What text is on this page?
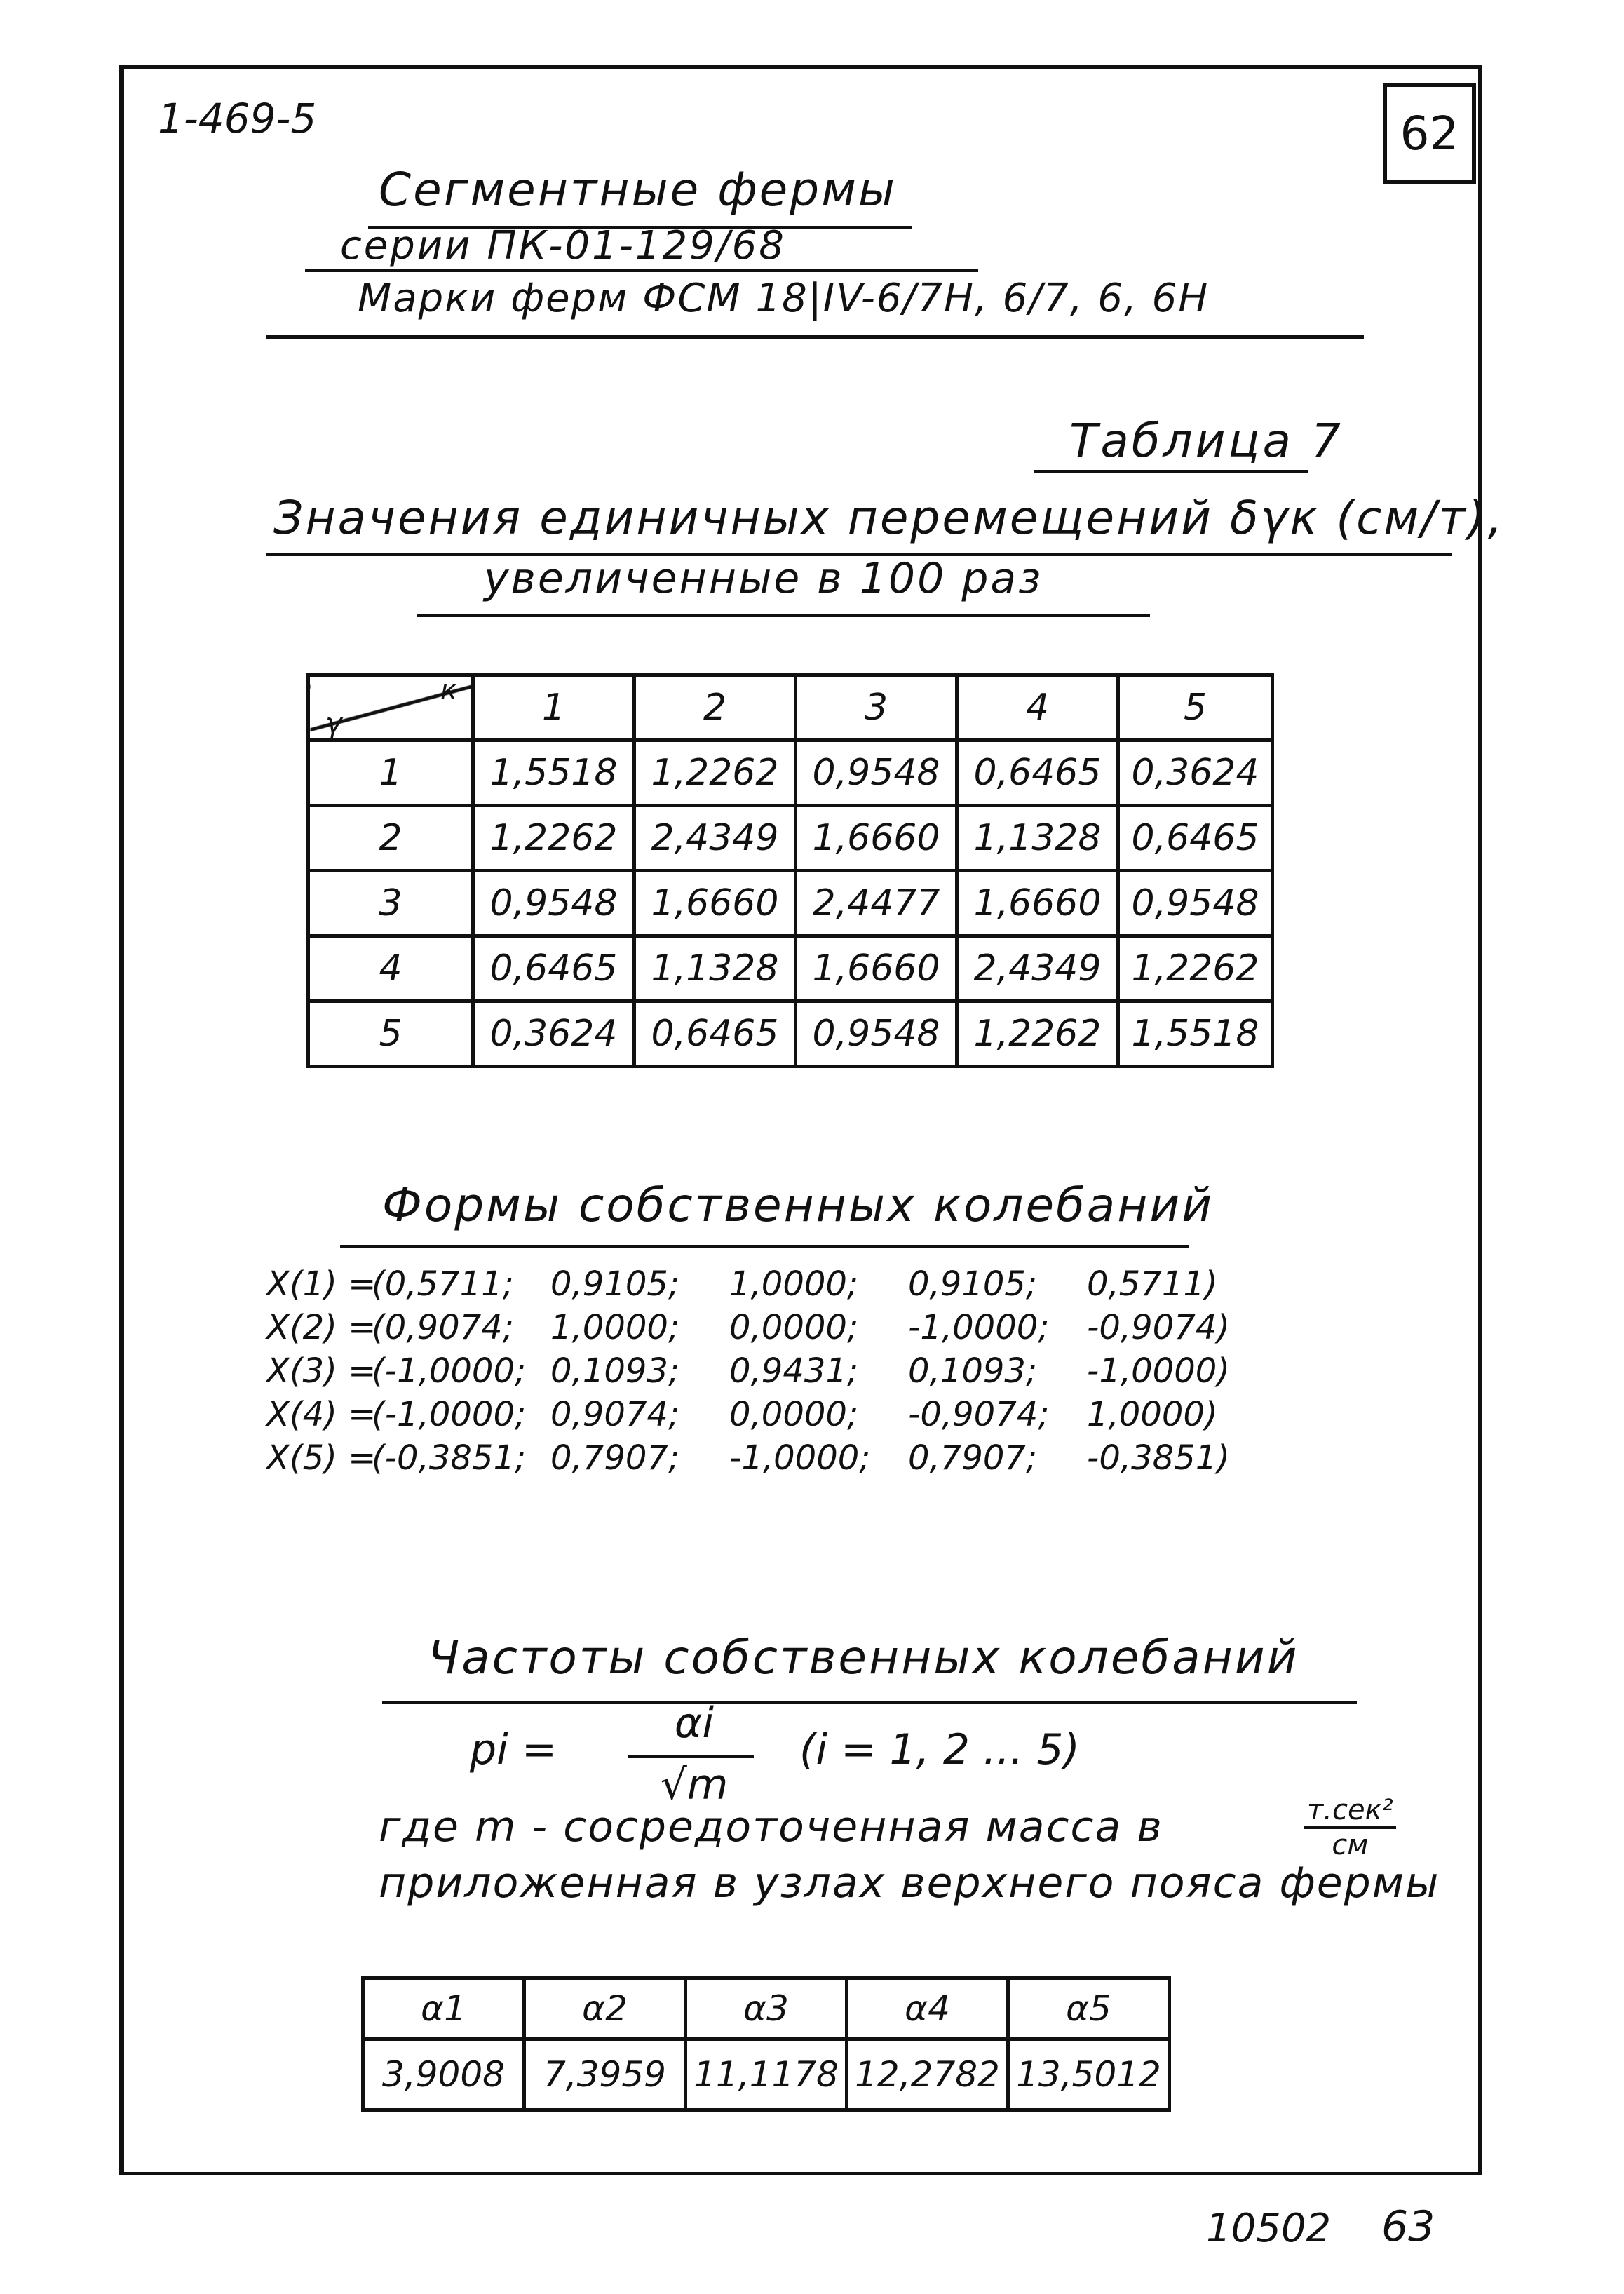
1-469-5	62
Сегментные фермы
серии ПК-01-129/68
Марки ферм ФСМ 18|IV-6/7Н, 6/7, 6, 6Н
Таблица 7
Значения единичных перемещений δγκ (см/т),
увеличенные в 100 раз
к
γ	1	2	3	4	5
1	1,5518	1,2262	0,9548	0,6465	0,3624
2	1,2262	2,4349	1,6660	1,1328	0,6465
3	0,9548	1,6660	2,4477	1,6660	0,9548
4	0,6465	1,1328	1,6660	2,4349	1,2262
5	0,3624	0,6465	0,9548	1,2262	1,5518
Формы собственных колебаний
X(1) =(0,5711; 0,9105; 1,0000; 0,9105; 0,5711)
X(2) =(0,9074; 1,0000; 0,0000; -1,0000; -0,9074)
X(3) =(-1,0000; 0,1093; 0,9431; 0,1093; -1,0000)
X(4) =(-1,0000; 0,9074; 0,0000; -0,9074; 1,0000)
X(5) =(-0,3851; 0,7907; -1,0000; 0,7907; -0,3851)
Частоты собственных колебаний
pi =
αi
√m
(i = 1, 2 ... 5)
где m - сосредоточенная масса в	т.сек²
см
приложенная в узлах верхнего пояса фермы
α1	α2	α3	α4	α5
3,9008	7,3959	11,1178	12,2782	13,5012
10502 63
